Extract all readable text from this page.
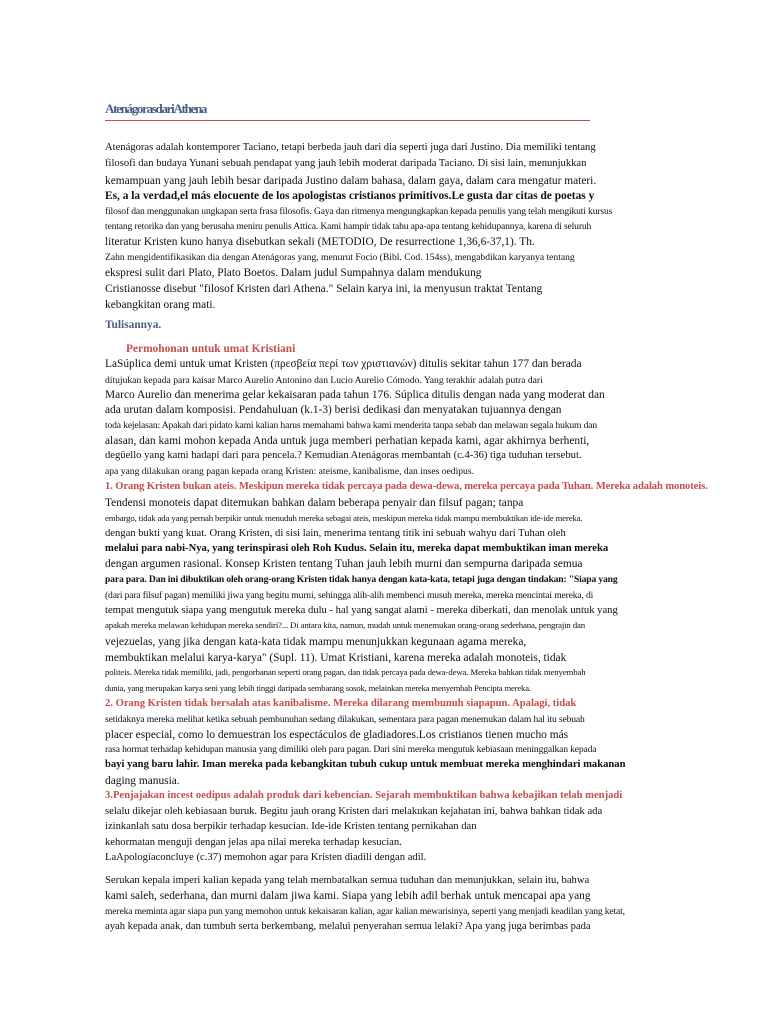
AtenágorasdariAthena
Atenágoras adalah kontemporer Taciano, tetapi berbeda jauh dari dia seperti juga dari Justino. Dia memiliki tentang
filosofi dan budaya Yunani sebuah pendapat yang jauh lebih moderat daripada Taciano. Di sisi lain, menunjukkan
kemampuan yang jauh lebih besar daripada Justino dalam bahasa, dalam gaya, dalam cara mengatur materi.
Es, a la verdad,el más elocuente de los apologistas cristianos primitivos.Le gusta dar citas de poetas y
filosof dan menggunakan ungkapan serta frasa filosofis. Gaya dan ritmenya mengungkapkan kepada penulis yang telah mengikuti kursus
tentang retorika dan yang berusaha meniru penulis Attica. Kami hampir tidak tahu apa-apa tentang kehidupannya, karena di seluruh
literatur Kristen kuno hanya disebutkan sekali (METODIO, De resurrectione 1,36,6-37,1). Th.
Zahn mengidentifikasikan dia dengan Atenágoras yang, menurut Focio (Bibl. Cod. 154ss), mengabdikan karyanya tentang
ekspresi sulit dari Plato, Plato Boetos. Dalam judul Sumpahnya dalam mendukung
Cristianosse disebut "filosof Kristen dari Athena." Selain karya ini, ia menyusun traktat Tentang
kebangkitan orang mati.
Tulisannya.
Permohonan untuk umat Kristiani
LaSúplica demi untuk umat Kristen (πρεσβεία περί των χριστιανών) ditulis sekitar tahun 177 dan berada
ditujukan kepada para kaisar Marco Aurelio Antonino dan Lucio Aurelio Cómodo. Yang terakhir adalah putra dari
Marco Aurelio dan menerima gelar kekaisaran pada tahun 176. Súplica ditulis dengan nada yang moderat dan
ada urutan dalam komposisi. Pendahuluan (k.1-3) berisi dedikasi dan menyatakan tujuannya dengan
toda kejelasan: Apakah dari pidato kami kalian harus memahami bahwa kami menderita tanpa sebab dan melawan segala hukum dan
alasan, dan kami mohon kepada Anda untuk juga memberi perhatian kepada kami, agar akhirnya berhenti,
degüello yang kami hadapi dari para pencela.? Kemudian Atenágoras membantah (c.4-36) tiga tuduhan tersebut.
apa yang dilakukan orang pagan kepada orang Kristen: ateisme, kanibalisme, dan inses oedipus.
1. Orang Kristen bukan ateis. Meskipun mereka tidak percaya pada dewa-dewa, mereka percaya pada Tuhan. Mereka adalah monoteis.
Tendensi monoteis dapat ditemukan bahkan dalam beberapa penyair dan filsuf pagan; tanpa
embargo, tidak ada yang pernah berpikir untuk menuduh mereka sebagai ateis, meskipun mereka tidak mampu membuktikan ide-ide mereka.
dengan bukti yang kuat. Orang Kristen, di sisi lain, menerima tentang titik ini sebuah wahyu dari Tuhan oleh
melalui para nabi-Nya, yang terinspirasi oleh Roh Kudus. Selain itu, mereka dapat membuktikan iman mereka
dengan argumen rasional. Konsep Kristen tentang Tuhan jauh lebih murni dan sempurna daripada semua
para para. Dan ini dibuktikan oleh orang-orang Kristen tidak hanya dengan kata-kata, tetapi juga dengan tindakan: "Siapa yang
(dari para filsuf pagan) memiliki jiwa yang begitu murni, sehingga alih-alih membenci musuh mereka, mereka mencintai mereka, di
tempat mengutuk siapa yang mengutuk mereka dulu - hal yang sangat alami - mereka diberkati, dan menolak untuk yang
apakah mereka melawan kehidupan mereka sendiri?... Di antara kita, namun, mudah untuk menemukan orang-orang sederhana, pengrajin dan
vejezuelas, yang jika dengan kata-kata tidak mampu menunjukkan kegunaan agama mereka,
membuktikan melalui karya-karya" (Supl. 11). Umat Kristiani, karena mereka adalah monoteis, tidak
politeis. Mereka tidak memiliki, jadi, pengorbanan seperti orang pagan, dan tidak percaya pada dewa-dewa. Mereka bahkan tidak menyembah
dunia, yang merupakan karya seni yang lebih tinggi daripada sembarang sosok, melainkan mereka menyembah Pencipta mereka.
2. Orang Kristen tidak bersalah atas kanibalisme. Mereka dilarang membunuh siapapun. Apalagi, tidak
setidaknya mereka melihat ketika sebuah pembunuhan sedang dilakukan, sementara para pagan menemukan dalam hal itu sebuah
placer especial, como lo demuestran los espectáculos de gladiadores.Los cristianos tienen mucho más
rasa hormat terhadap kehidupan manusia yang dimiliki oleh para pagan. Dari sini mereka mengutuk kebiasaan meninggalkan kepada
bayi yang baru lahir. Iman mereka pada kebangkitan tubuh cukup untuk membuat mereka menghindari makanan
daging manusia.
3.Penjajakan incest oedipus adalah produk dari kebencian. Sejarah membuktikan bahwa kebajikan telah menjadi
selalu dikejar oleh kebiasaan buruk. Begitu jauh orang Kristen dari melakukan kejahatan ini, bahwa bahkan tidak ada
izinkanlah satu dosa berpikir terhadap kesucian. Ide-ide Kristen tentang pernikahan dan
kehormatan menguji dengan jelas apa nilai mereka terhadap kesucian.
LaApologíaconcluye (c.37) memohon agar para Kristen diadili dengan adil.
Serukan kepala imperi kalian kepada yang telah membatalkan semua tuduhan dan menunjukkan, selain itu, bahwa
kami saleh, sederhana, dan murni dalam jiwa kami. Siapa yang lebih adil berhak untuk mencapai apa yang
mereka meminta agar siapa pun yang memohon untuk kekaisaran kalian, agar kalian mewarisinya, seperti yang menjadi keadilan yang ketat,
ayah kepada anak, dan tumbuh serta berkembang, melalui penyerahan semua lelaki? Apa yang juga berimbas pada
